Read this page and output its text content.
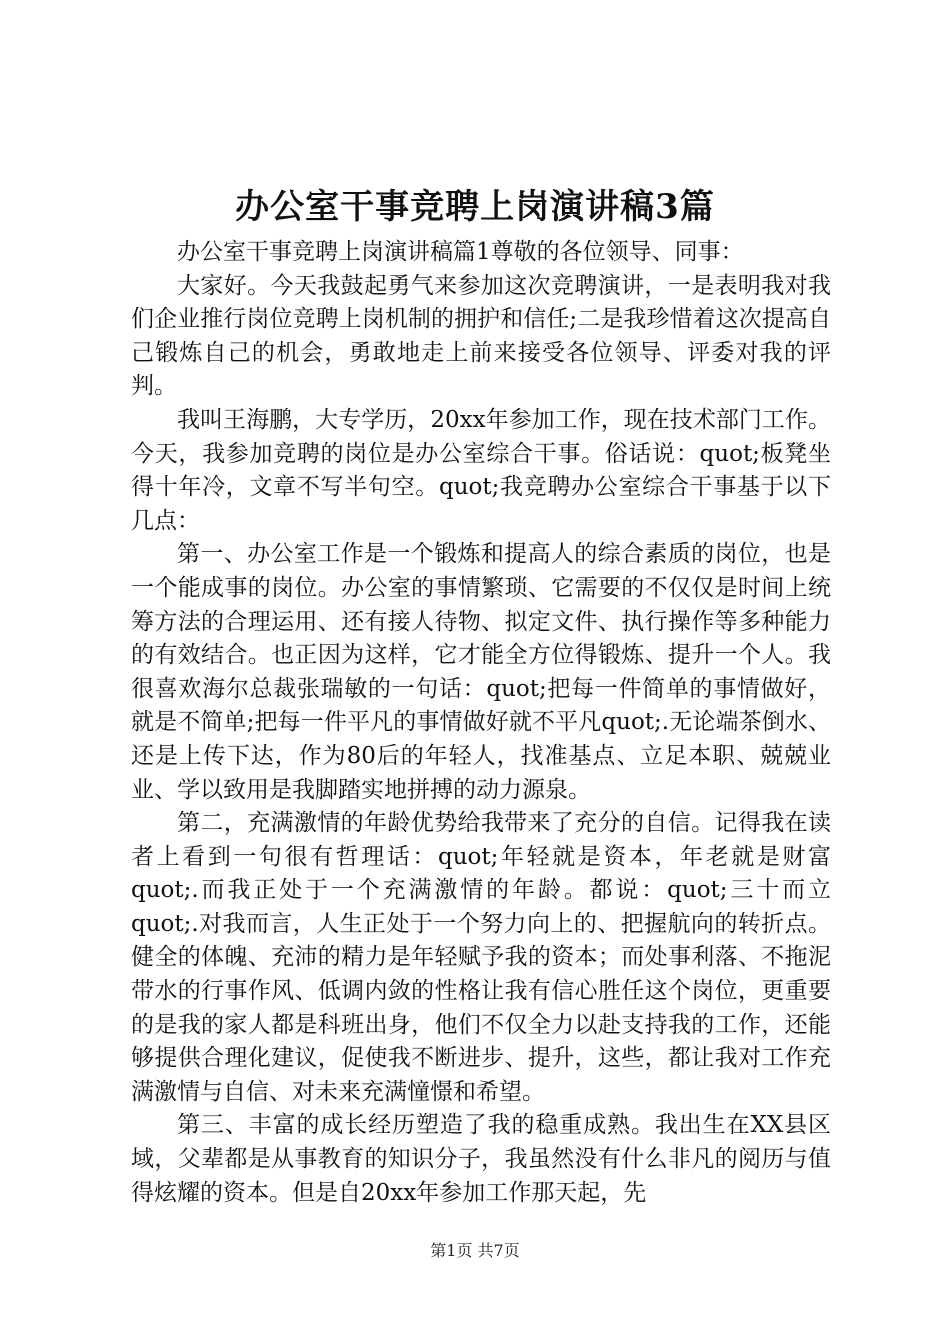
办公室干事竞聘上岗演讲稿3篇

办公室干事竞聘上岗演讲稿篇1尊敬的各位领导、同事：

大家好。今天我鼓起勇气来参加这次竞聘演讲，一是表明我对我们企业推行岗位竞聘上岗机制的拥护和信任;二是我珍惜着这次提高自己锻炼自己的机会，勇敢地走上前来接受各位领导、评委对我的评判。

我叫王海鹏，大专学历，20xx年参加工作，现在技术部门工作。今天，我参加竞聘的岗位是办公室综合干事。俗话说：quot;板凳坐得十年冷，文章不写半句空。quot;我竞聘办公室综合干事基于以下几点：

第一、办公室工作是一个锻炼和提高人的综合素质的岗位，也是一个能成事的岗位。办公室的事情繁琐、它需要的不仅仅是时间上统筹方法的合理运用、还有接人待物、拟定文件、执行操作等多种能力的有效结合。也正因为这样，它才能全方位得锻炼、提升一个人。我很喜欢海尔总裁张瑞敏的一句话：quot;把每一件简单的事情做好，就是不简单;把每一件平凡的事情做好就不平凡quot;.无论端茶倒水、还是上传下达，作为80后的年轻人，找准基点、立足本职、兢兢业业、学以致用是我脚踏实地拼搏的动力源泉。

第二，充满激情的年龄优势给我带来了充分的自信。记得我在读者上看到一句很有哲理话：quot;年轻就是资本，年老就是财富quot;.而我正处于一个充满激情的年龄。都说：quot;三十而立quot;.对我而言，人生正处于一个努力向上的、把握航向的转折点。健全的体魄、充沛的精力是年轻赋予我的资本；而处事利落、不拖泥带水的行事作风、低调内敛的性格让我有信心胜任这个岗位，更重要的是我的家人都是科班出身，他们不仅全力以赴支持我的工作，还能够提供合理化建议，促使我不断进步、提升，这些，都让我对工作充满激情与自信、对未来充满憧憬和希望。

第三、丰富的成长经历塑造了我的稳重成熟。我出生在XX县区域，父辈都是从事教育的知识分子，我虽然没有什么非凡的阅历与值得炫耀的资本。但是自20xx年参加工作那天起，先

第1页 共7页
